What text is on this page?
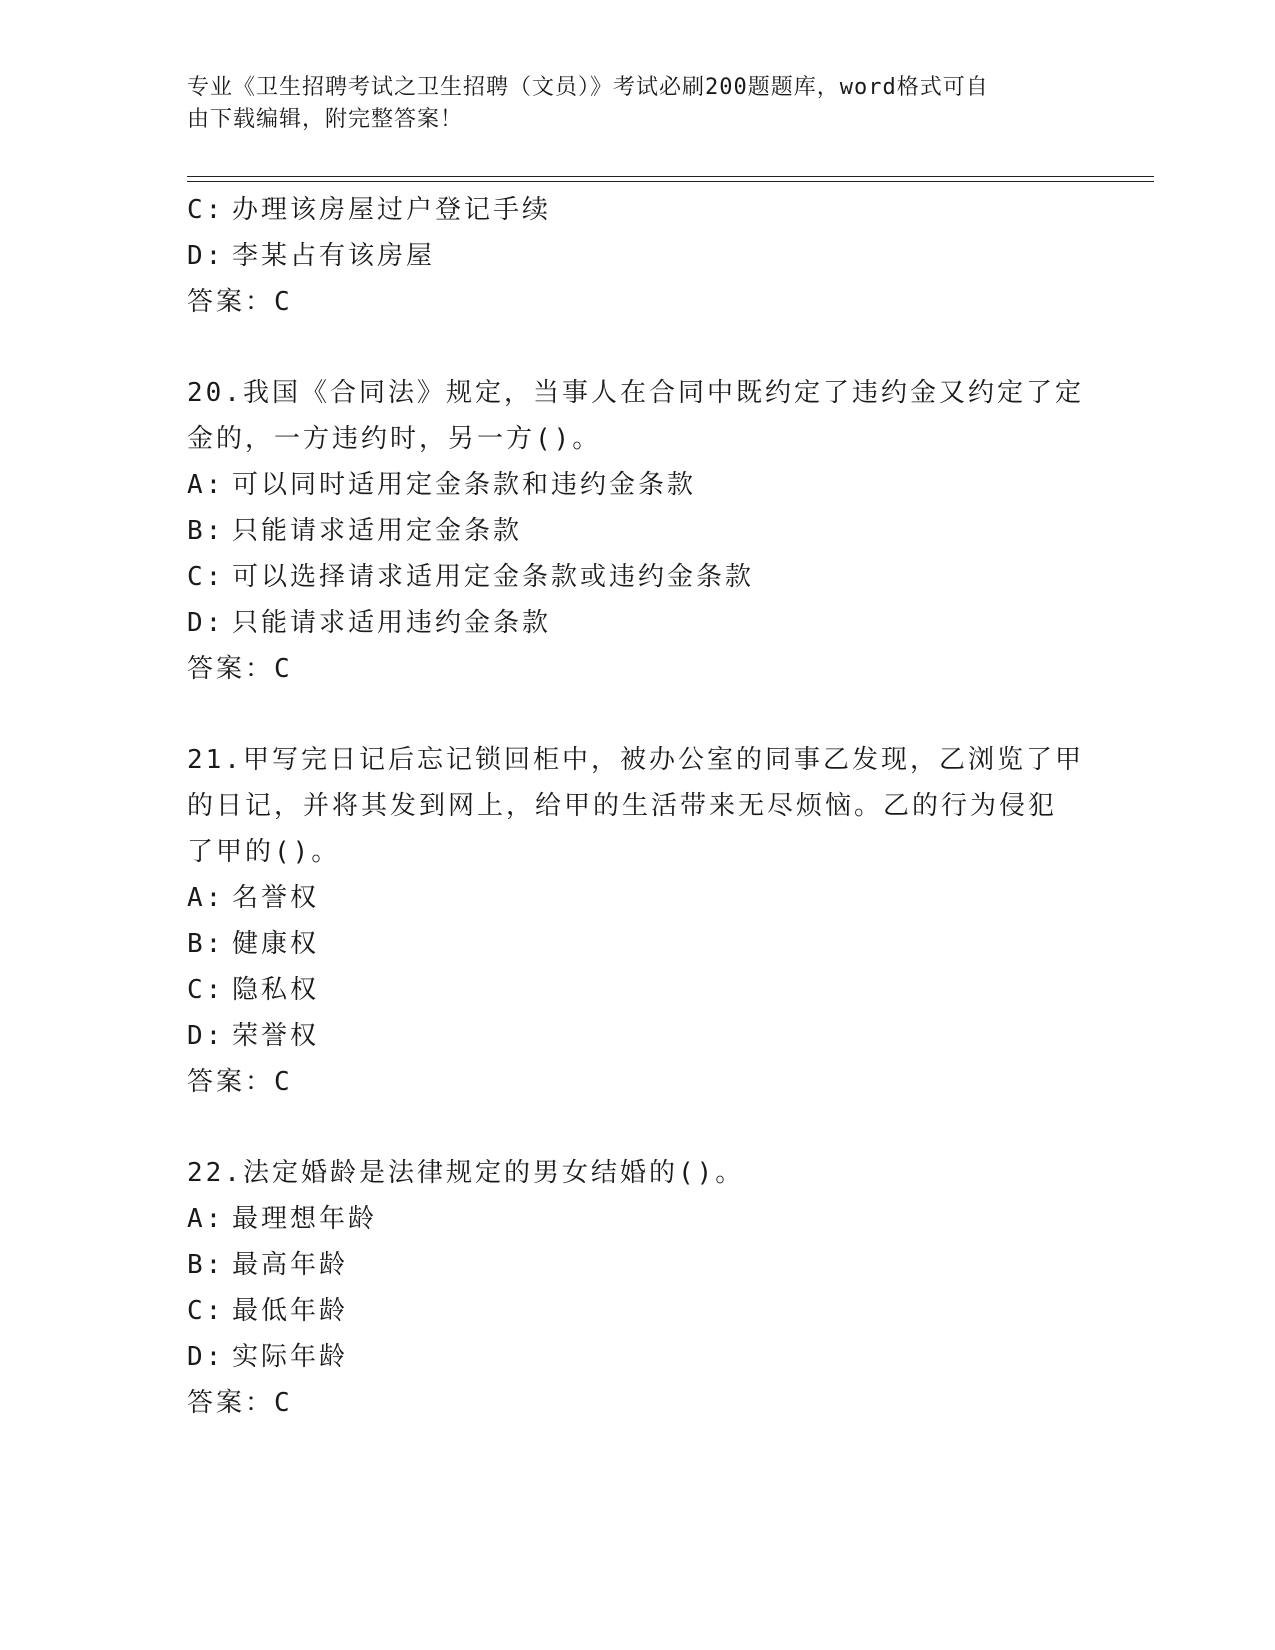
专业《卫生招聘考试之卫生招聘（文员）》考试必刷200题题库，word格式可自
由下载编辑，附完整答案！
C: 办理该房屋过户登记手续
D: 李某占有该房屋
答案：C
20.我国《合同法》规定，当事人在合同中既约定了违约金又约定了定
金的，一方违约时，另一方()。
A: 可以同时适用定金条款和违约金条款
B: 只能请求适用定金条款
C: 可以选择请求适用定金条款或违约金条款
D: 只能请求适用违约金条款
答案：C
21.甲写完日记后忘记锁回柜中，被办公室的同事乙发现，乙浏览了甲
的日记，并将其发到网上，给甲的生活带来无尽烦恼。乙的行为侵犯
了甲的()。
A: 名誉权
B: 健康权
C: 隐私权
D: 荣誉权
答案：C
22.法定婚龄是法律规定的男女结婚的()。
A: 最理想年龄
B: 最高年龄
C: 最低年龄
D: 实际年龄
答案：C
